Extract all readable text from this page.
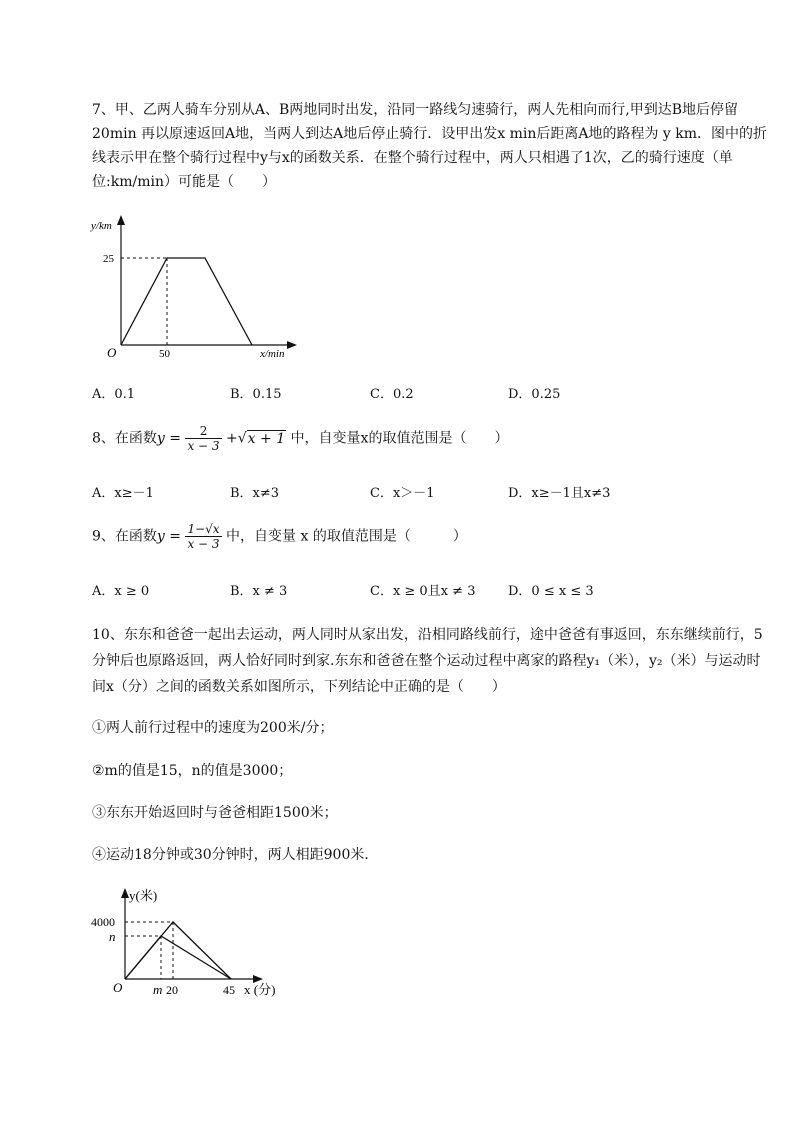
7、甲、乙两人骑车分别从A、B两地同时出发，沿同一路线匀速骑行，两人先相向而行,甲到达B地后停留20min 再以原速返回A地，当两人到达A地后停止骑行．设甲出发x min后距离A地的路程为 y km．图中的折线表示甲在整个骑行过程中y与x的函数关系．在整个骑行过程中，两人只相遇了1次，乙的骑行速度（单位:km/min）可能是（　　）

y/km
25
O	50	x/min
A．0.1	B．0.15	C．0.2	D．0.25
8、在函数$y = \frac{2}{x - 3} +√x + 1$ 中，自变量x的取值范围是（　　）
A．x≥－1	B．x≠3	C．x＞－1	D．x≥－1且x≠3
9、在函数$y = \frac{1-√x}{x - 3}$ 中，自变量 x 的取值范围是（　　　）
A．x ≥ 0	B．x ≠ 3	C．x ≥ 0且x ≠ 3	D．0 ≤ x ≤ 3

10、东东和爸爸一起出去运动，两人同时从家出发，沿相同路线前行，途中爸爸有事返回，东东继续前行，5分钟后也原路返回，两人恰好同时到家.东东和爸爸在整个运动过程中离家的路程y₁（米），y₂（米）与运动时间x（分）之间的函数关系如图所示，下列结论中正确的是（　　）

①两人前行过程中的速度为200米/分；
②m的值是15，n的值是3000；
③东东开始返回时与爸爸相距1500米；
④运动18分钟或30分钟时，两人相距900米．
y(米)
4000
n
O m 20	45 x (分)
